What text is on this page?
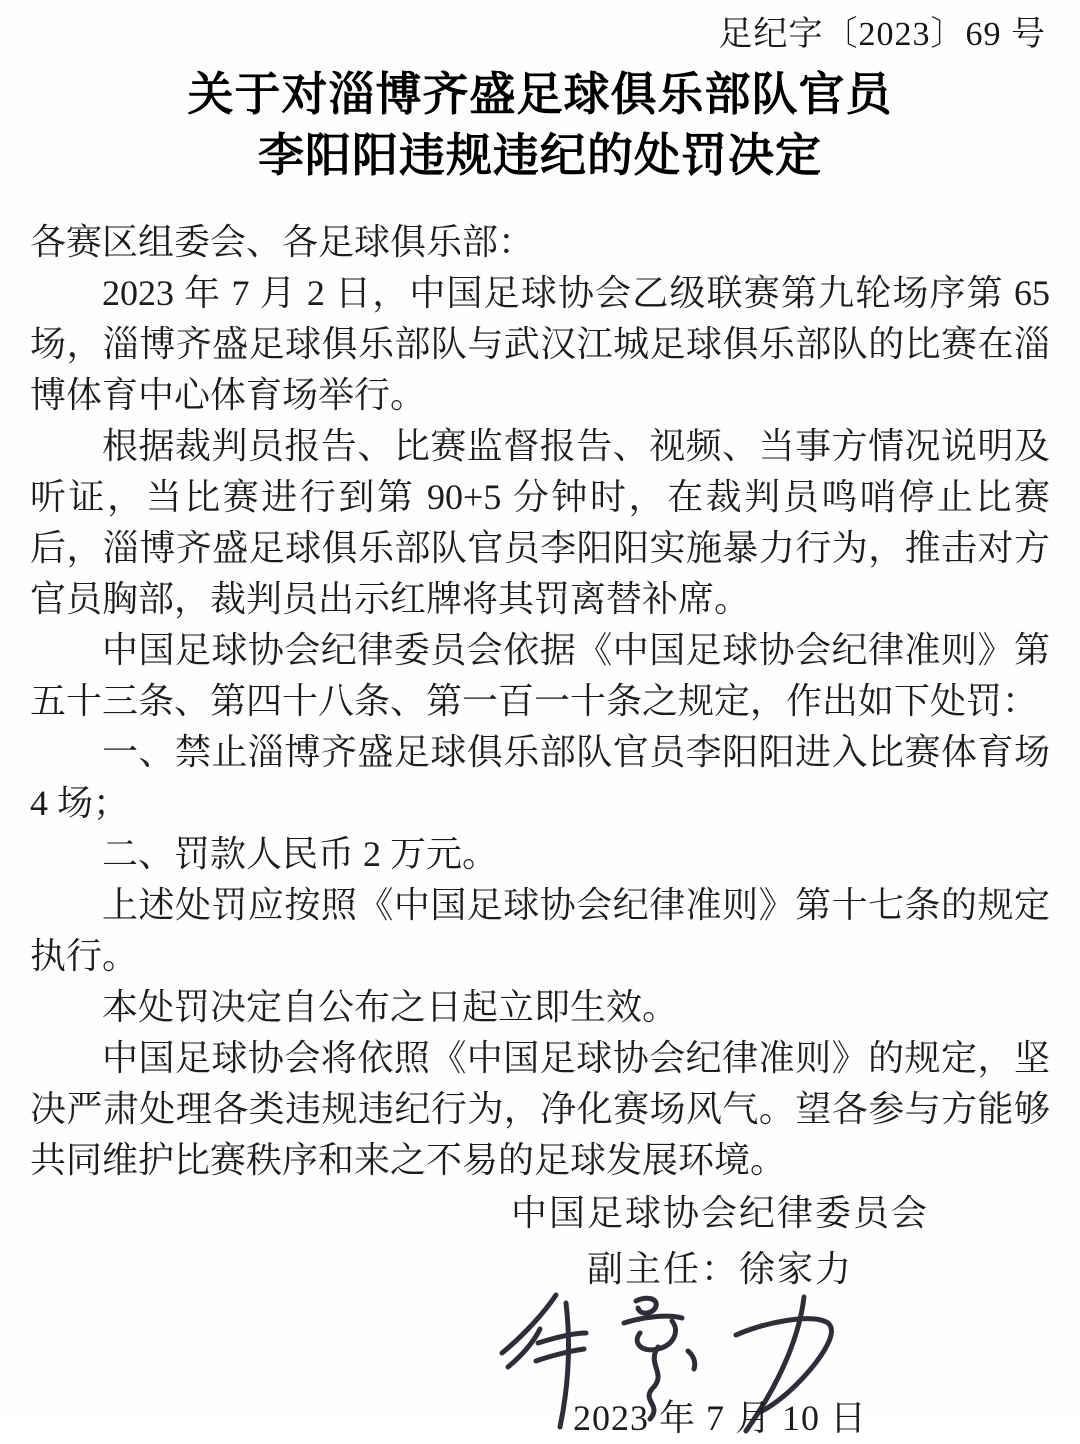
足纪字〔2023〕69 号
关于对淄博齐盛足球俱乐部队官员
李阳阳违规违纪的处罚决定

各赛区组委会、各足球俱乐部：

2023 年 7 月 2 日，中国足球协会乙级联赛第九轮场序第 65 场，淄博齐盛足球俱乐部队与武汉江城足球俱乐部队的比赛在淄博体育中心体育场举行。

根据裁判员报告、比赛监督报告、视频、当事方情况说明及听证，当比赛进行到第 90+5 分钟时，在裁判员鸣哨停止比赛后，淄博齐盛足球俱乐部队官员李阳阳实施暴力行为，推击对方官员胸部，裁判员出示红牌将其罚离替补席。

中国足球协会纪律委员会依据《中国足球协会纪律准则》第五十三条、第四十八条、第一百一十条之规定，作出如下处罚：

一、禁止淄博齐盛足球俱乐部队官员李阳阳进入比赛体育场 4 场；

二、罚款人民币 2 万元。

上述处罚应按照《中国足球协会纪律准则》第十七条的规定执行。

本处罚决定自公布之日起立即生效。

中国足球协会将依照《中国足球协会纪律准则》的规定，坚决严肃处理各类违规违纪行为，净化赛场风气。望各参与方能够共同维护比赛秩序和来之不易的足球发展环境。

中国足球协会纪律委员会
副主任：徐家力
2023 年 7 月 10 日
